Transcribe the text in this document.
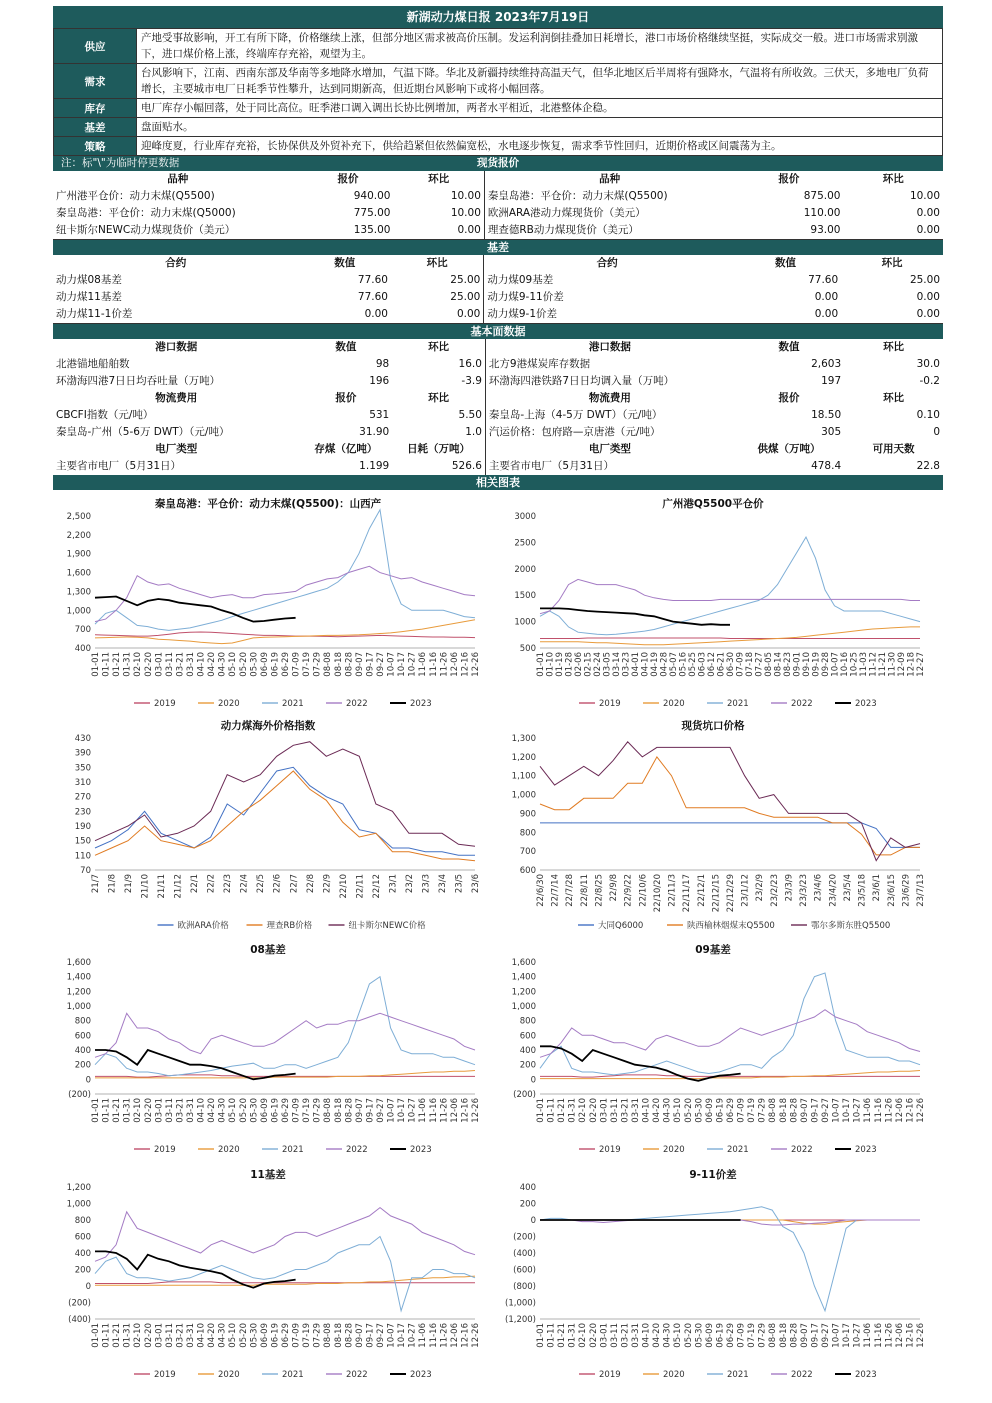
新湖动力煤日报 2023年7月19日
供应	产地受事故影响，开工有所下降，价格继续上涨，但部分地区需求被高价压制。发运利润倒挂叠加日耗增长，港口市场价格继续坚挺，实际成交一般。进口市场需求别激下，进口煤价格上涨，终端库存充裕，观望为主。
需求	台风影响下，江南、西南东部及华南等多地降水增加，气温下降。华北及新疆持续维持高温天气，但华北地区后半周将有强降水，气温将有所收敛。三伏天，多地电厂负荷增长，主要城市电厂日耗季节性攀升，达到同期新高，但近期台风影响下或将小幅回落。
库存	电厂库存小幅回落，处于同比高位。旺季港口调入调出长协比例增加，两者水平相近，北港整体企稳。
基差	盘面贴水。
策略	迎峰度夏，行业库存充裕，长协保供及外贸补充下，供给趋紧但依然偏宽松，水电逐步恢复，需求季节性回归，近期价格或区间震荡为主。
注：标"\"为临时停更数据	现货报价
品种	报价	环比	品种	报价	环比
广州港平仓价：动力末煤(Q5500)	940.00	10.00	秦皇岛港：平仓价：动力末煤(Q5500)	875.00	10.00
秦皇岛港：平仓价：动力末煤(Q5000)	775.00	10.00	欧洲ARA港动力煤现货价（美元）	110.00	0.00
纽卡斯尔NEWC动力煤现货价（美元）	135.00	0.00	理查德RB动力煤现货价（美元）	93.00	0.00
基差
合约	数值	环比	合约	数值	环比
动力煤08基差	77.60	25.00	动力煤09基差	77.60	25.00
动力煤11基差	77.60	25.00	动力煤9-11价差	0.00	0.00
动力煤11-1价差	0.00	0.00	动力煤9-1价差	0.00	0.00
基本面数据
港口数据	数值	环比	港口数据	数值	环比
北港锚地船舶数	98	16.0	北方9港煤炭库存数据	2,603	30.0
环渤海四港7日日均吞吐量（万吨）	196	-3.9	环渤海四港铁路7日日均调入量（万吨）	197	-0.2
物流费用	报价	环比	物流费用	报价	环比
CBCFI指数（元/吨）	531	5.50	秦皇岛-上海（4-5万 DWT）（元/吨）	18.50	0.10
秦皇岛-广州（5-6万 DWT）（元/吨）	31.90	1.0	汽运价格：包府路—京唐港（元/吨）	305	0
电厂类型	存煤（亿吨）	日耗（万吨）	电厂类型	供煤（万吨）	可用天数
主要省市电厂（5月31日）	1.199	526.6	主要省市电厂（5月31日）	478.4	22.8
相关图表
秦皇岛港：平仓价：动力末煤(Q5500)：山西产
2,500
2,200
1,900
1,600
1,300
1,000
700
400
01-01 01-11 01-21 01-31 02-10 02-20 03-01 03-11 03-21 03-31 04-10 04-20 04-30 05-10 05-20 05-30 06-09 06-19 06-29 07-09 07-19 07-29 08-08 08-18 08-28 09-07 09-17 09-27 10-07 10-17 10-27 11-06 11-16 11-26 12-06 12-16 12-26
2019	2020	2021	2022	2023
广州港Q5500平仓价
3000
2500
2000
1500
1000
500
01-01 01-10 01-19 01-28 02-06 02-15 02-24 03-05 03-14 03-23 04-01 04-10 04-19 04-28 05-07 05-16 05-25 06-03 06-12 06-21 06-30 07-09 07-18 07-27 08-05 08-14 08-23 09-01 09-10 09-19 09-28 10-07 10-16 10-25 11-03 11-12 11-21 11-30 12-09 12-18 12-27
2019	2020	2021	2022	2023
动力煤海外价格指数
430
390
350
310
270
230
190
150
110
70
21/7 21/8 21/9 21/10 21/11 21/12 22/1 22/2 22/3 22/4 22/5 22/6 22/7 22/8 22/9 22/10 22/11 22/12 23/1 23/2 23/3 23/4 23/5 23/6
欧洲ARA价格	理查RB价格	纽卡斯尔NEWC价格
现货坑口价格
1,300
1,200
1,100
1,000
900
800
700
600
22/6/30 22/7/14 22/7/28 22/8/11 22/8/25 22/9/8 22/9/22 22/10/6 22/10/20 22/11/3 22/11/17 22/12/1 22/12/15 22/12/29 23/1/12 23/2/9 23/2/23 23/3/9 23/3/23 23/4/6 23/4/20 23/5/4 23/5/18 23/6/1 23/6/15 23/6/29 23/7/13
大同Q6000	陕西榆林烟煤末Q5500	鄂尔多斯东胜Q5500
08基差
1,600
1,400
1,200
1,000
800
600
400
200
0
(200)
01-01 01-11 01-21 01-31 02-10 02-20 03-01 03-11 03-21 03-31 04-10 04-20 04-30 05-10 05-20 05-30 06-09 06-19 06-29 07-09 07-19 07-29 08-08 08-18 08-28 09-07 09-17 09-27 10-07 10-17 10-27 11-06 11-16 11-26 12-06 12-16 12-26
2019	2020	2021	2022	2023
09基差
1,600
1,400
1,200
1,000
800
600
400
200
0
(200)
01-01 01-11 01-21 01-31 02-10 02-20 03-01 03-11 03-21 03-31 04-10 04-20 04-30 05-10 05-20 05-30 06-09 06-19 06-29 07-09 07-19 07-29 08-08 08-18 08-28 09-07 09-17 09-27 10-07 10-17 10-27 11-06 11-16 11-26 12-06 12-16 12-26
2019	2020	2021	2022	2023
11基差
1,200
1,000
800
600
400
200
0
(200)
(400)
01-01 01-11 01-21 01-31 02-10 02-20 03-01 03-11 03-21 03-31 04-10 04-20 04-30 05-10 05-20 05-30 06-09 06-19 06-29 07-09 07-19 07-29 08-08 08-18 08-28 09-07 09-17 09-27 10-07 10-17 10-27 11-06 11-16 11-26 12-06 12-16 12-26
2019	2020	2021	2022	2023
9-11价差
400
200
0
(200)
(400)
(600)
(800)
(1,000)
(1,200)
01-01 01-11 01-21 01-31 02-10 02-20 03-01 03-11 03-21 03-31 04-10 04-20 04-30 05-10 05-20 05-30 06-09 06-19 06-29 07-09 07-19 07-29 08-08 08-18 08-28 09-07 09-17 09-27 10-07 10-17 10-27 11-06 11-16 11-26 12-06 12-16 12-26
2019	2020	2021	2022	2023
